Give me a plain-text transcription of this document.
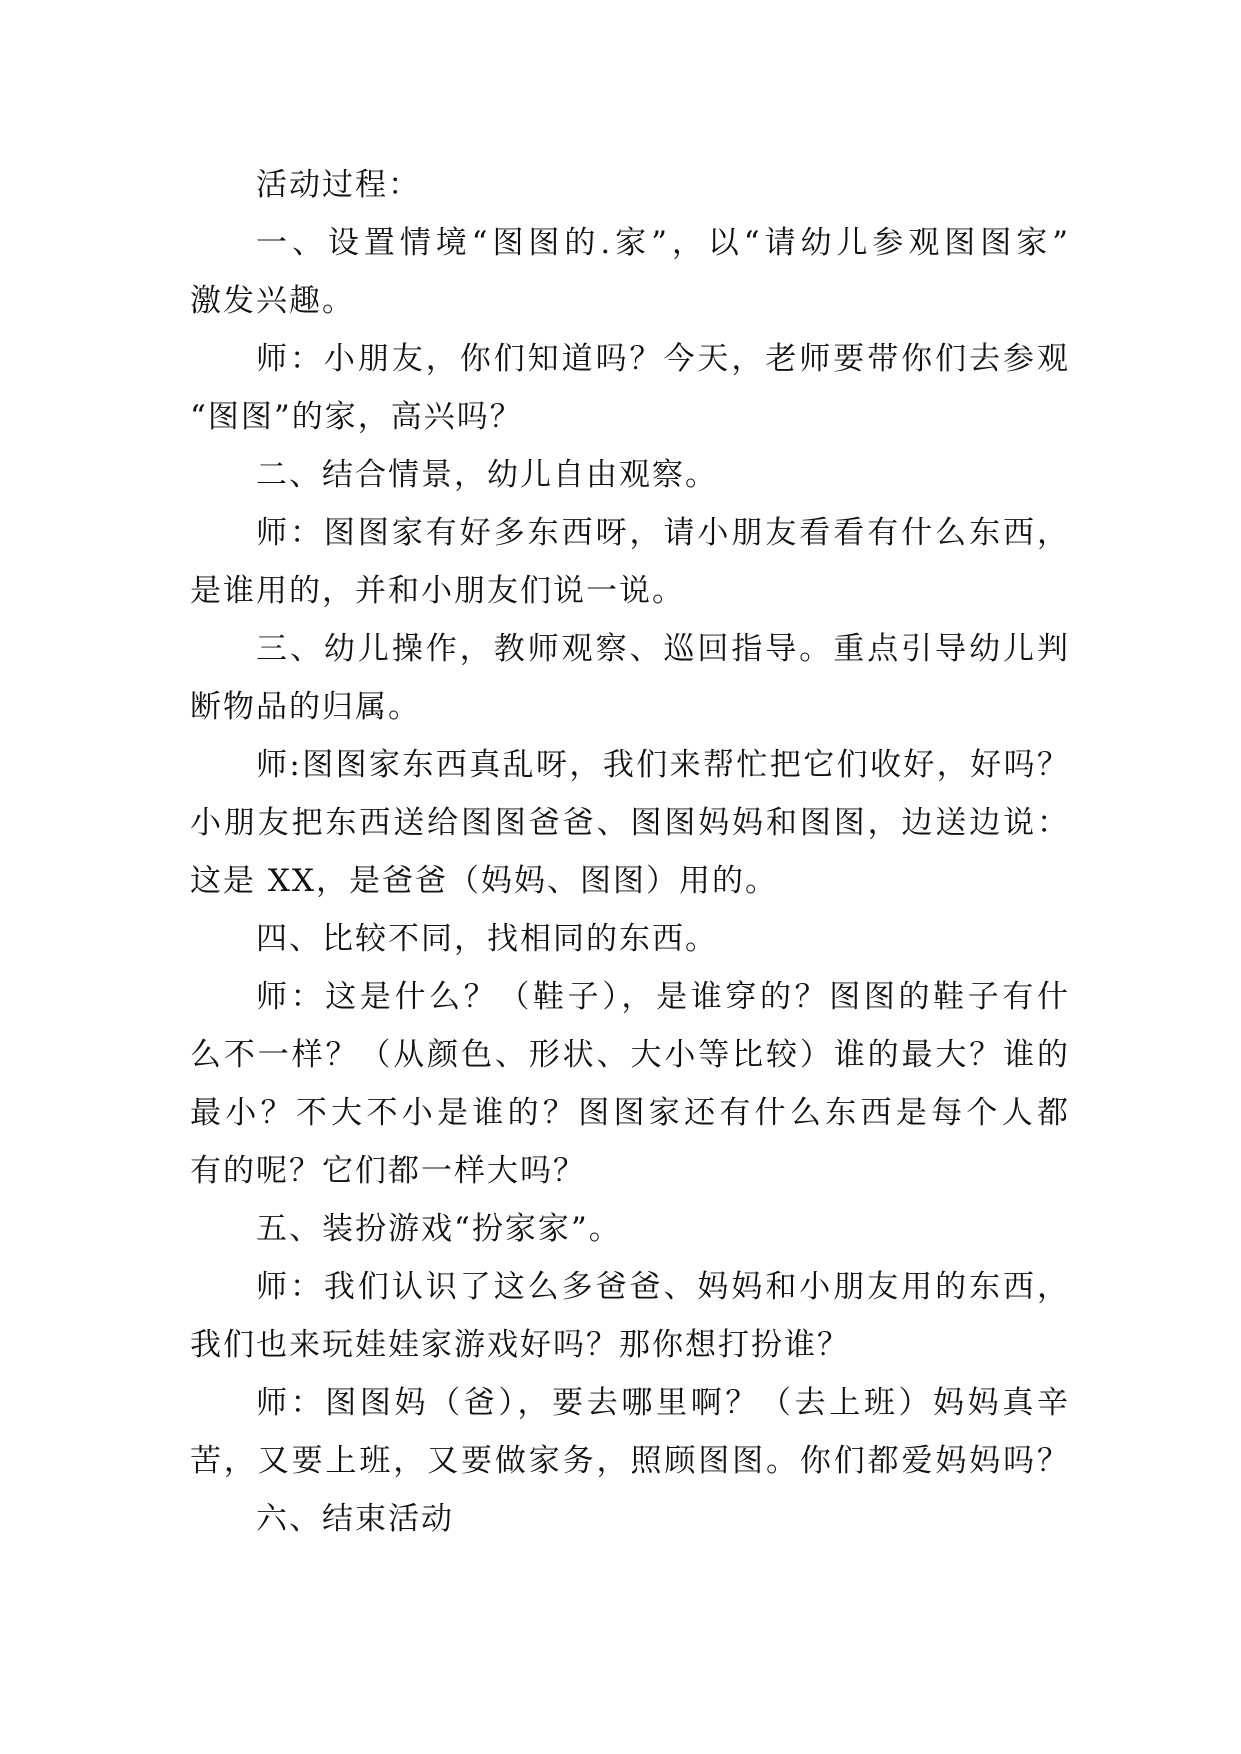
活动过程：
一、设置情境“图图的.家”，以“请幼儿参观图图家”
激发兴趣。
师：小朋友，你们知道吗？今天，老师要带你们去参观
“图图”的家，高兴吗？
二、结合情景，幼儿自由观察。
师：图图家有好多东西呀，请小朋友看看有什么东西，
是谁用的，并和小朋友们说一说。
三、幼儿操作，教师观察、巡回指导。重点引导幼儿判
断物品的归属。
师:图图家东西真乱呀，我们来帮忙把它们收好，好吗？
小朋友把东西送给图图爸爸、图图妈妈和图图，边送边说：
这是 XX，是爸爸（妈妈、图图）用的。
四、比较不同，找相同的东西。
师：这是什么？（鞋子），是谁穿的？图图的鞋子有什
么不一样？（从颜色、形状、大小等比较）谁的最大？谁的
最小？不大不小是谁的？图图家还有什么东西是每个人都
有的呢？它们都一样大吗？
五、装扮游戏“扮家家”。
师：我们认识了这么多爸爸、妈妈和小朋友用的东西，
我们也来玩娃娃家游戏好吗？那你想打扮谁？
师：图图妈（爸），要去哪里啊？（去上班）妈妈真辛
苦，又要上班，又要做家务，照顾图图。你们都爱妈妈吗？
六、结束活动
